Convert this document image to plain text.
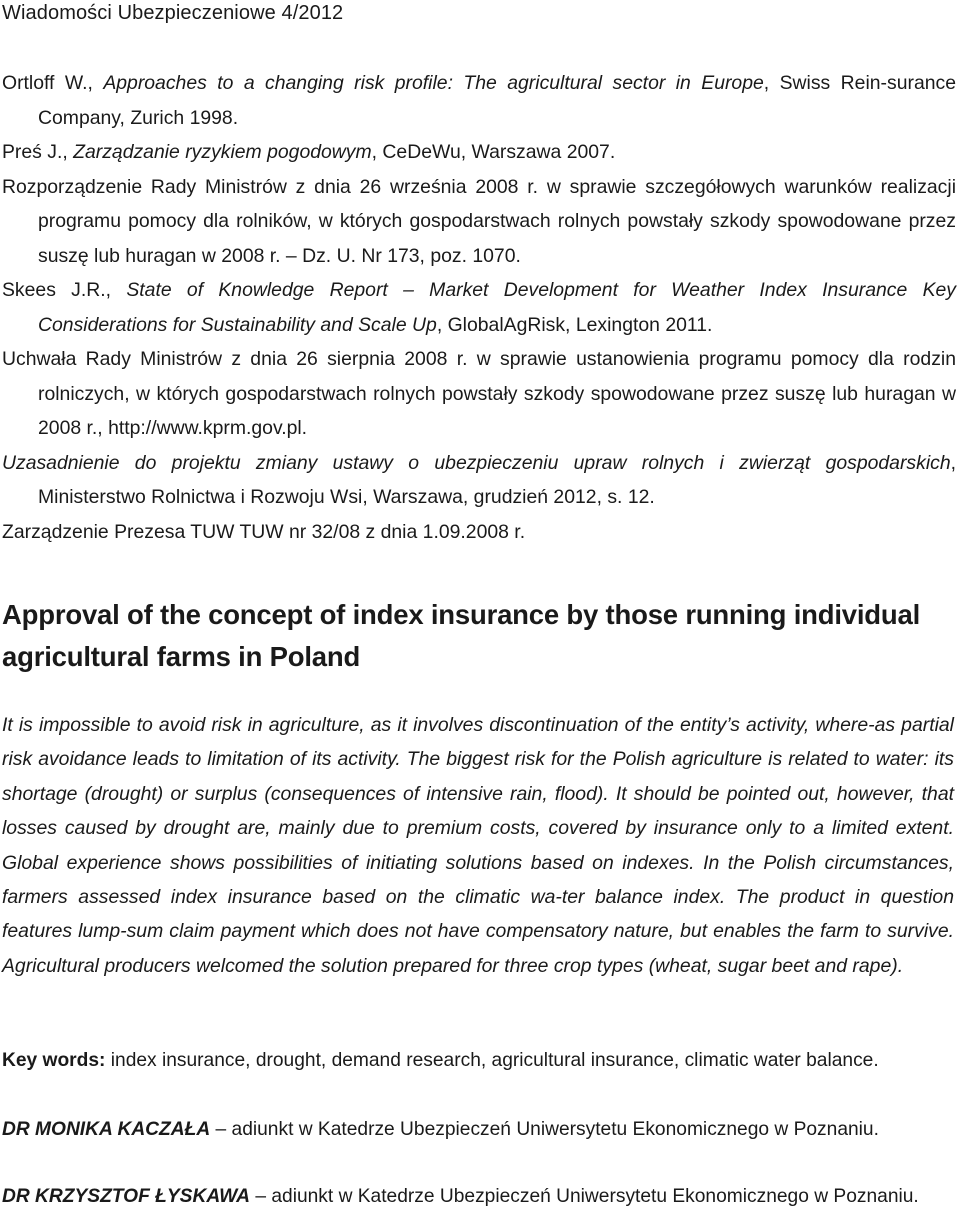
Wiadomości Ubezpieczeniowe 4/2012
Ortloff W., Approaches to a changing risk profile: The agricultural sector in Europe, Swiss Rein-surance Company, Zurich 1998.
Preś J., Zarządzanie ryzykiem pogodowym, CeDeWu, Warszawa 2007.
Rozporządzenie Rady Ministrów z dnia 26 września 2008 r. w sprawie szczegółowych warunków realizacji programu pomocy dla rolników, w których gospodarstwach rolnych powstały szkody spowodowane przez suszę lub huragan w 2008 r. – Dz. U. Nr 173, poz. 1070.
Skees J.R., State of Knowledge Report – Market Development for Weather Index Insurance Key Considerations for Sustainability and Scale Up, GlobalAgRisk, Lexington 2011.
Uchwała Rady Ministrów z dnia 26 sierpnia 2008 r. w sprawie ustanowienia programu pomocy dla rodzin rolniczych, w których gospodarstwach rolnych powstały szkody spowodowane przez suszę lub huragan w 2008 r., http://www.kprm.gov.pl.
Uzasadnienie do projektu zmiany ustawy o ubezpieczeniu upraw rolnych i zwierząt gospodarskich, Ministerstwo Rolnictwa i Rozwoju Wsi, Warszawa, grudzień 2012, s. 12.
Zarządzenie Prezesa TUW TUW nr 32/08 z dnia 1.09.2008 r.
Approval of the concept of index insurance by those running individual agricultural farms in Poland

It is impossible to avoid risk in agriculture, as it involves discontinuation of the entity’s activity, where-as partial risk avoidance leads to limitation of its activity. The biggest risk for the Polish agriculture is related to water: its shortage (drought) or surplus (consequences of intensive rain, flood). It should be pointed out, however, that losses caused by drought are, mainly due to premium costs, covered by insurance only to a limited extent. Global experience shows possibilities of initiating solutions based on indexes. In the Polish circumstances, farmers assessed index insurance based on the climatic wa-ter balance index. The product in question features lump-sum claim payment which does not have compensatory nature, but enables the farm to survive. Agricultural producers welcomed the solution prepared for three crop types (wheat, sugar beet and rape).

Key words: index insurance, drought, demand research, agricultural insurance, climatic water balance.
DR MONIKA KACZAŁA – adiunkt w Katedrze Ubezpieczeń Uniwersytetu Ekonomicznego w Poznaniu.
DR KRZYSZTOF ŁYSKAWA – adiunkt w Katedrze Ubezpieczeń Uniwersytetu Ekonomicznego w Poznaniu.
